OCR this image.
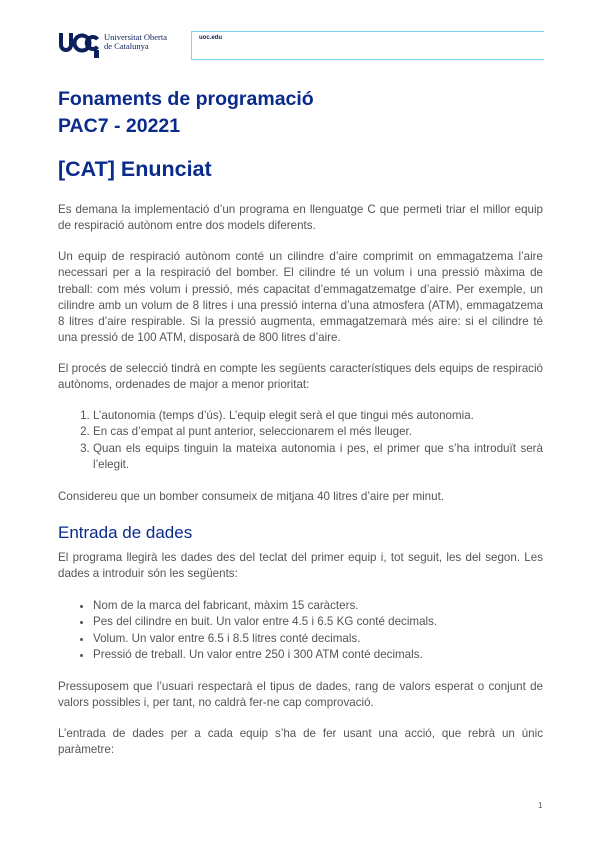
Universitat Oberta
de Catalunya
uoc.edu
Fonaments de programació
PAC7 - 20221
[CAT] Enunciat
Es demana la implementació d’un programa en llenguatge C que permeti triar el millor equip de respiració autònom entre dos models diferents.
Un equip de respiració autònom conté un cilindre d’aire comprimit on emmagatzema l’aire necessari per a la respiració del bomber. El cilindre té un volum i una pressió màxima de treball: com més volum i pressió, més capacitat d’emmagatzematge d’aire. Per exemple, un cilindre amb un volum de 8 litres i una pressió interna d’una atmosfera (ATM), emmagatzema 8 litres d’aire respirable. Si la pressió augmenta, emmagatzemarà més aire: si el cilindre té una pressió de 100 ATM, disposarà de 800 litres d’aire.
El procés de selecció tindrà en compte les següents característiques dels equips de respiració autònoms, ordenades de major a menor prioritat:
1. L’autonomia (temps d’ús). L’equip elegit serà el que tingui més autonomia.
2. En cas d’empat al punt anterior, seleccionarem el més lleuger.
3. Quan els equips tinguin la mateixa autonomia i pes, el primer que s’ha introduït serà l’elegit.
Considereu que un bomber consumeix de mitjana 40 litres d’aire per minut.
Entrada de dades
El programa llegirà les dades des del teclat del primer equip i, tot seguit, les del segon. Les dades a introduir són les següents:
• Nom de la marca del fabricant, màxim 15 caràcters.
• Pes del cilindre en buit. Un valor entre 4.5 i 6.5 KG conté decimals.
• Volum. Un valor entre 6.5 i 8.5 litres conté decimals.
• Pressió de treball. Un valor entre 250 i 300 ATM conté decimals.
Pressuposem que l’usuari respectarà el tipus de dades, rang de valors esperat o conjunt de valors possibles i, per tant, no caldrà fer-ne cap comprovació.
L’entrada de dades per a cada equip s’ha de fer usant una acció, que rebrà un únic paràmetre:
1
